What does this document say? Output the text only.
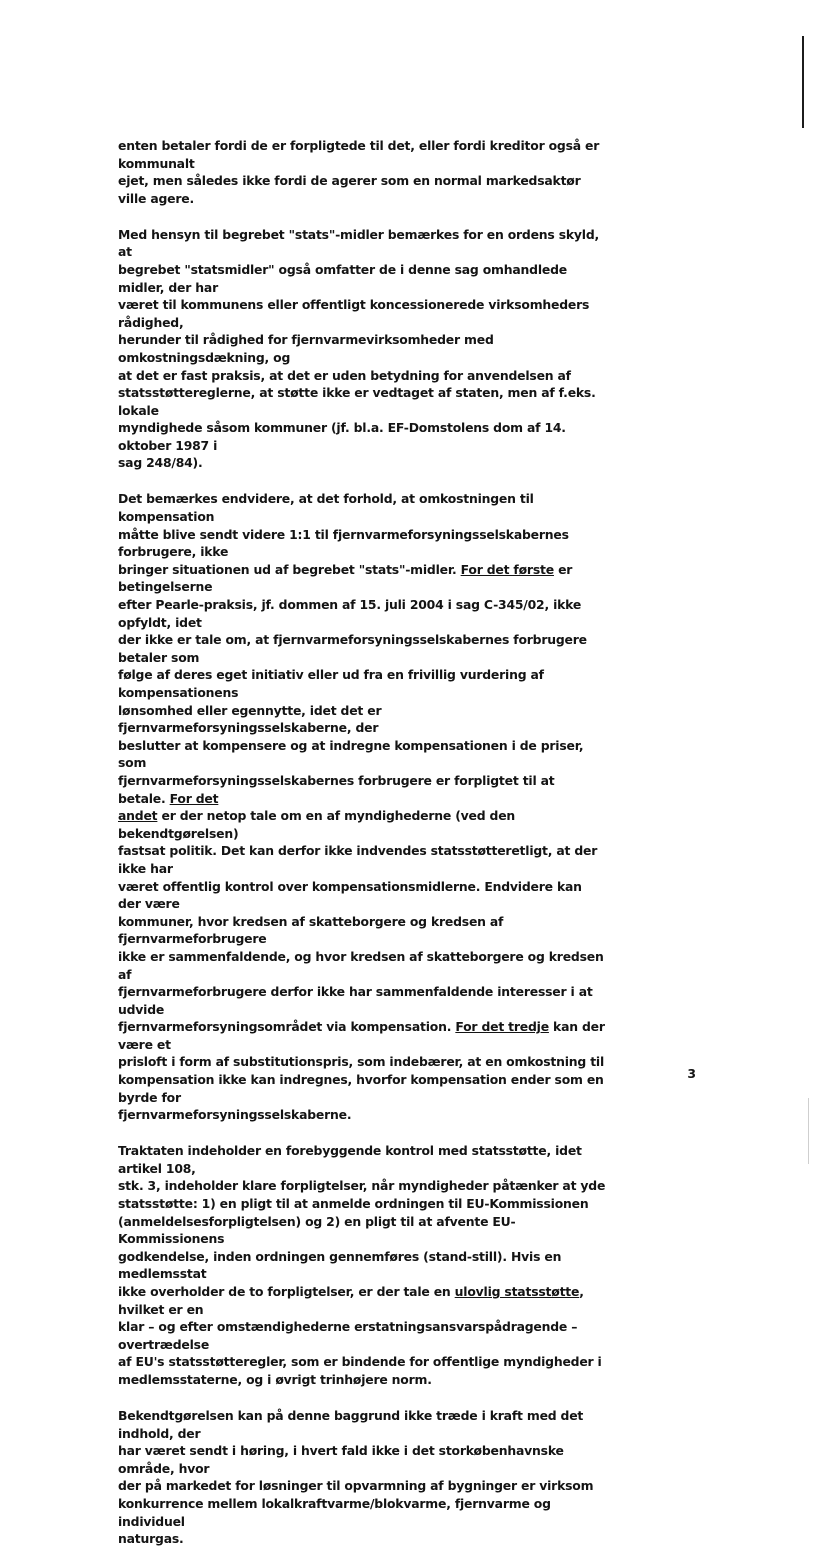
enten betaler fordi de er forpligtede til det, eller fordi kreditor også er kommunalt
ejet, men således ikke fordi de agerer som en normal markedsaktør ville agere.

Med hensyn til begrebet "stats"-midler bemærkes for en ordens skyld, at
begrebet "statsmidler" også omfatter de i denne sag omhandlede midler, der har
været til kommunens eller offentligt koncessionerede virksomheders rådighed,
herunder til rådighed for fjernvarmevirksomheder med omkostningsdækning, og
at det er fast praksis, at det er uden betydning for anvendelsen af
statsstøttereglerne, at støtte ikke er vedtaget af staten, men af f.eks. lokale
myndighede såsom kommuner (jf. bl.a. EF-Domstolens dom af 14. oktober 1987 i
sag 248/84).

Det bemærkes endvidere, at det forhold, at omkostningen til kompensation
måtte blive sendt videre 1:1 til fjernvarmeforsyningsselskabernes forbrugere, ikke
bringer situationen ud af begrebet "stats"-midler. For det første er betingelserne
efter Pearle-praksis, jf. dommen af 15. juli 2004 i sag C-345/02, ikke opfyldt, idet
der ikke er tale om, at fjernvarmeforsyningsselskabernes forbrugere betaler som
følge af deres eget initiativ eller ud fra en frivillig vurdering af kompensationens
lønsomhed eller egennytte, idet det er fjernvarmeforsyningsselskaberne, der
beslutter at kompensere og at indregne kompensationen i de priser, som
fjernvarmeforsyningsselskabernes forbrugere er forpligtet til at betale. For det
andet er der netop tale om en af myndighederne (ved den bekendtgørelsen)
fastsat politik. Det kan derfor ikke indvendes statsstøtteretligt, at der ikke har
været offentlig kontrol over kompensationsmidlerne. Endvidere kan der være
kommuner, hvor kredsen af skatteborgere og kredsen af fjernvarmeforbrugere
ikke er sammenfaldende, og hvor kredsen af skatteborgere og kredsen af
fjernvarmeforbrugere derfor ikke har sammenfaldende interesser i at udvide
fjernvarmeforsyningsområdet via kompensation. For det tredje kan der være et
prisloft i form af substitutionspris, som indebærer, at en omkostning til
kompensation ikke kan indregnes, hvorfor kompensation ender som en byrde for
fjernvarmeforsyningsselskaberne.

Traktaten indeholder en forebyggende kontrol med statsstøtte, idet artikel 108,
stk. 3, indeholder klare forpligtelser, når myndigheder påtænker at yde
statsstøtte: 1) en pligt til at anmelde ordningen til EU-Kommissionen
(anmeldelsesforpligtelsen) og 2) en pligt til at afvente EU-Kommissionens
godkendelse, inden ordningen gennemføres (stand-still). Hvis en medlemsstat
ikke overholder de to forpligtelser, er der tale en ulovlig statsstøtte, hvilket er en
klar – og efter omstændighederne erstatningsansvarspådragende – overtrædelse
af EU's statsstøtteregler, som er bindende for offentlige myndigheder i
medlemsstaterne, og i øvrigt trinhøjere norm.

Bekendtgørelsen kan på denne baggrund ikke træde i kraft med det indhold, der
har været sendt i høring, i hvert fald ikke i det storkøbenhavnske område, hvor
der på markedet for løsninger til opvarmning af bygninger er virksom
konkurrence mellem lokalkraftvarme/blokvarme, fjernvarme og individuel
naturgas.

3
